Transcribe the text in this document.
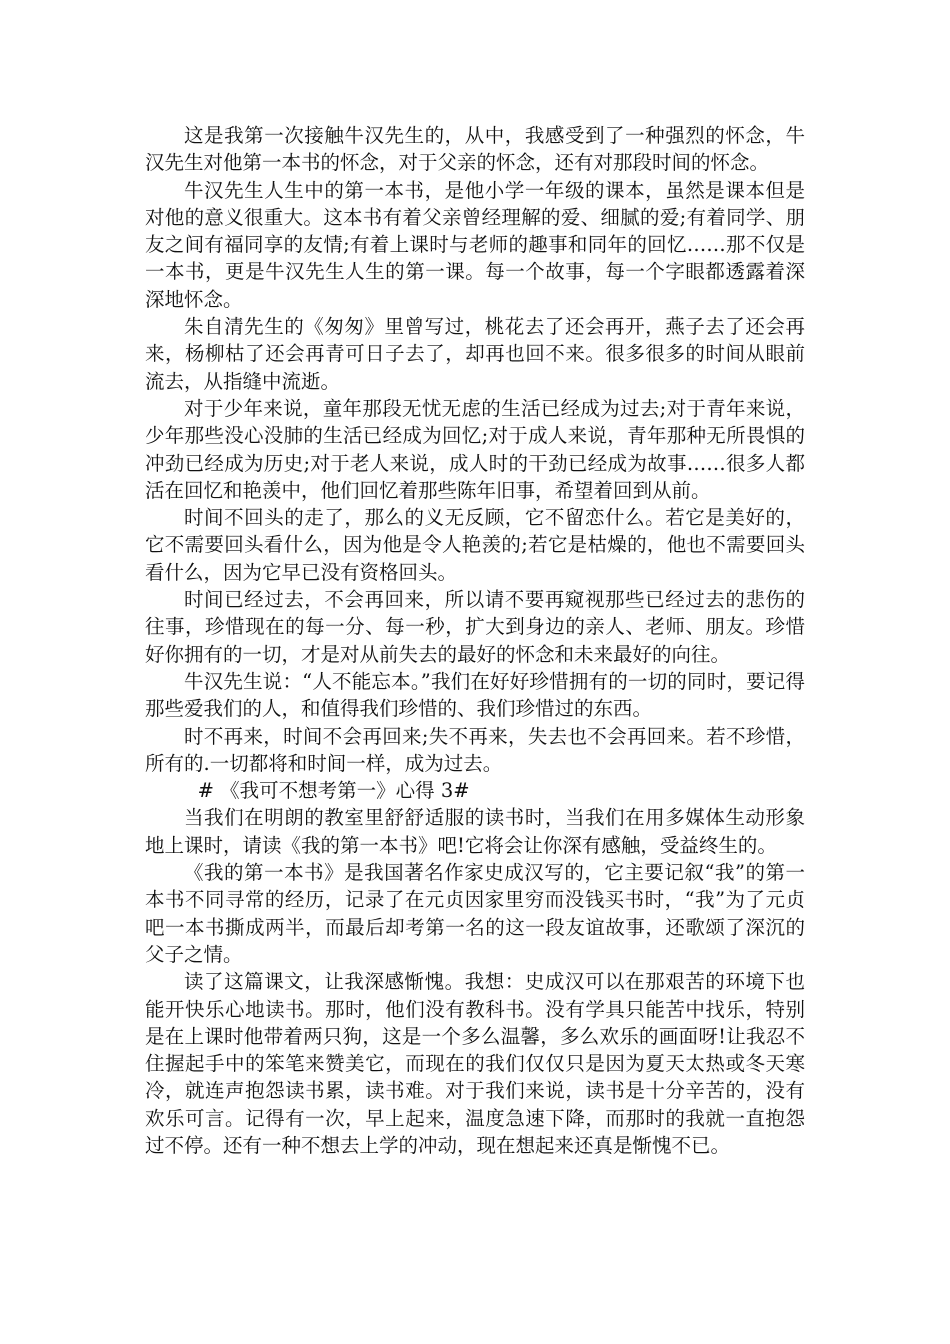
这是我第一次接触牛汉先生的，从中，我感受到了一种强烈的怀念，牛汉先生对他第一本书的怀念，对于父亲的怀念，还有对那段时间的怀念。

牛汉先生人生中的第一本书，是他小学一年级的课本，虽然是课本但是对他的意义很重大。这本书有着父亲曾经理解的爱、细腻的爱;有着同学、朋友之间有福同享的友情;有着上课时与老师的趣事和同年的回忆……那不仅是一本书，更是牛汉先生人生的第一课。每一个故事，每一个字眼都透露着深深地怀念。

朱自清先生的《匆匆》里曾写过，桃花去了还会再开，燕子去了还会再来，杨柳枯了还会再青可日子去了，却再也回不来。很多很多的时间从眼前流去，从指缝中流逝。

对于少年来说，童年那段无忧无虑的生活已经成为过去;对于青年来说，少年那些没心没肺的生活已经成为回忆;对于成人来说，青年那种无所畏惧的冲劲已经成为历史;对于老人来说，成人时的干劲已经成为故事……很多人都活在回忆和艳羡中，他们回忆着那些陈年旧事，希望着回到从前。

时间不回头的走了，那么的义无反顾，它不留恋什么。若它是美好的，它不需要回头看什么，因为他是令人艳羡的;若它是枯燥的，他也不需要回头看什么，因为它早已没有资格回头。

时间已经过去，不会再回来，所以请不要再窥视那些已经过去的悲伤的往事，珍惜现在的每一分、每一秒，扩大到身边的亲人、老师、朋友。珍惜好你拥有的一切，才是对从前失去的最好的怀念和未来最好的向往。

牛汉先生说：“人不能忘本。”我们在好好珍惜拥有的一切的同时，要记得那些爱我们的人，和值得我们珍惜的、我们珍惜过的东西。

时不再来，时间不会再回来;失不再来，失去也不会再回来。若不珍惜，所有的.一切都将和时间一样，成为过去。

# 《我可不想考第一》心得 3#

当我们在明朗的教室里舒舒适服的读书时，当我们在用多媒体生动形象地上课时，请读《我的第一本书》吧!它将会让你深有感触，受益终生的。

《我的第一本书》是我国著名作家史成汉写的，它主要记叙“我”的第一本书不同寻常的经历，记录了在元贞因家里穷而没钱买书时，“我”为了元贞吧一本书撕成两半，而最后却考第一名的这一段友谊故事，还歌颂了深沉的父子之情。

读了这篇课文，让我深感惭愧。我想：史成汉可以在那艰苦的环境下也能开快乐心地读书。那时，他们没有教科书。没有学具只能苦中找乐，特别是在上课时他带着两只狗，这是一个多么温馨，多么欢乐的画面呀!让我忍不住握起手中的笨笔来赞美它，而现在的我们仅仅只是因为夏天太热或冬天寒冷，就连声抱怨读书累，读书难。对于我们来说，读书是十分辛苦的，没有欢乐可言。记得有一次，早上起来，温度急速下降，而那时的我就一直抱怨过不停。还有一种不想去上学的冲动，现在想起来还真是惭愧不已。
